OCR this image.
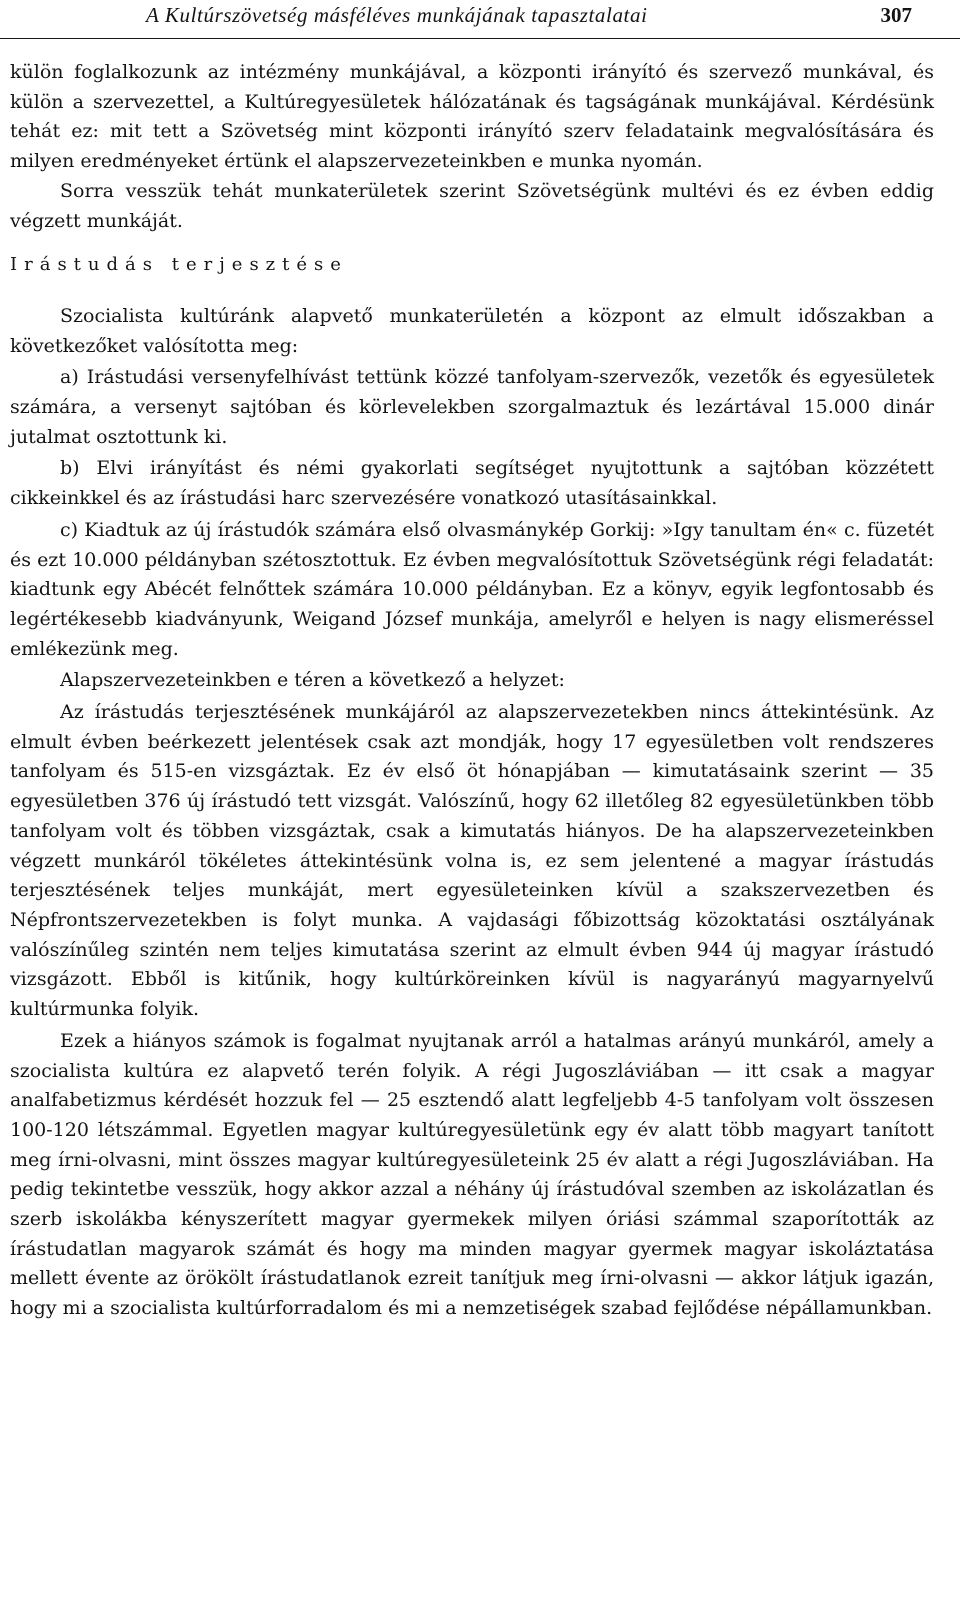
A Kultúrszövetség másféléves munkájának tapasztalatai	307

külön foglalkozunk az intézmény munkájával, a központi irányító és szervező munkával, és külön a szervezettel, a Kultúregyesületek hálózatának és tagságának munkájával. Kérdésünk tehát ez: mit tett a Szövetség mint központi irányító szerv feladataink megvalósítására és milyen eredményeket értünk el alapszervezeteinkben e munka nyomán.

Sorra vesszük tehát munkaterületek szerint Szövetségünk multévi és ez évben eddig végzett munkáját.

Irástudás terjesztése

Szocialista kultúránk alapvető munkaterületén a központ az elmult időszakban a következőket valósította meg:

a) Irástudási versenyfelhívást tettünk közzé tanfolyam-szervezők, vezetők és egyesületek számára, a versenyt sajtóban és körlevelekben szorgalmaztuk és lezártával 15.000 dinár jutalmat osztottunk ki.

b) Elvi irányítást és némi gyakorlati segítséget nyujtottunk a sajtóban közzétett cikkeinkkel és az írástudási harc szervezésére vonatkozó utasításainkkal.

c) Kiadtuk az új írástudók számára első olvasmánykép Gorkij: »Igy tanultam én« c. füzetét és ezt 10.000 példányban szétosztottuk. Ez évben megvalósítottuk Szövetségünk régi feladatát: kiadtunk egy Abécét felnőttek számára 10.000 példányban. Ez a könyv, egyik legfontosabb és legértékesebb kiadványunk, Weigand József munkája, amelyről e helyen is nagy elismeréssel emlékezünk meg.

Alapszervezeteinkben e téren a következő a helyzet:

Az írástudás terjesztésének munkájáról az alapszervezetekben nincs áttekintésünk. Az elmult évben beérkezett jelentések csak azt mondják, hogy 17 egyesületben volt rendszeres tanfolyam és 515-en vizsgáztak. Ez év első öt hónapjában — kimutatásaink szerint — 35 egyesületben 376 új írástudó tett vizsgát. Valószínű, hogy 62 illetőleg 82 egyesületünkben több tanfolyam volt és többen vizsgáztak, csak a kimutatás hiányos. De ha alapszervezeteinkben végzett munkáról tökéletes áttekintésünk volna is, ez sem jelentené a magyar írástudás terjesztésének teljes munkáját, mert egyesületeinken kívül a szakszervezetben és Népfrontszervezetekben is folyt munka. A vajdasági főbizottság közoktatási osztályának valószínűleg szintén nem teljes kimutatása szerint az elmult évben 944 új magyar írástudó vizsgázott. Ebből is kitűnik, hogy kultúrköreinken kívül is nagyarányú magyarnyelvű kultúrmunka folyik.

Ezek a hiányos számok is fogalmat nyujtanak arról a hatalmas arányú munkáról, amely a szocialista kultúra ez alapvető terén folyik. A régi Jugoszláviában — itt csak a magyar analfabetizmus kérdését hozzuk fel — 25 esztendő alatt legfeljebb 4-5 tanfolyam volt összesen 100-120 létszámmal. Egyetlen magyar kultúregyesületünk egy év alatt több magyart tanított meg írni-olvasni, mint összes magyar kultúregyesületeink 25 év alatt a régi Jugoszláviában. Ha pedig tekintetbe vesszük, hogy akkor azzal a néhány új írástudóval szemben az iskolázatlan és szerb iskolákba kényszerített magyar gyermekek milyen óriási számmal szaporították az írástudatlan magyarok számát és hogy ma minden magyar gyermek magyar iskoláztatása mellett évente az örökölt írástudatlanok ezreit tanítjuk meg írni-olvasni — akkor látjuk igazán, hogy mi a szocialista kultúrforradalom és mi a nemzetiségek szabad fejlődése népállamunkban.
